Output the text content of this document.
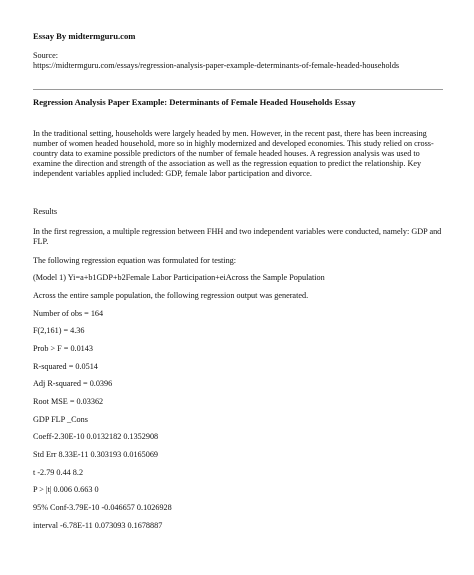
Essay By midtermguru.com

Source:

https://midtermguru.com/essays/regression-analysis-paper-example-determinants-of-female-headed-households

Regression Analysis Paper Example: Determinants of Female Headed Households Essay

In the traditional setting, households were largely headed by men. However, in the recent past, there has been increasing number of women headed household, more so in highly modernized and developed economies. This study relied on cross-country data to examine possible predictors of the number of female headed houses. A regression analysis was used to examine the direction and strength of the association as well as the regression equation to predict the relationship. Key independent variables applied included: GDP, female labor participation and divorce.

Results

In the first regression, a multiple regression between FHH and two independent variables were conducted, namely: GDP and FLP.

The following regression equation was formulated for testing:

(Model 1) Yi=a+b1GDP+b2Female Labor Participation+eiAcross the Sample Population

Across the entire sample population, the following regression output was generated.

Number of obs = 164

F(2,161) = 4.36

Prob > F = 0.0143

R-squared = 0.0514

Adj R-squared = 0.0396

Root MSE = 0.03362

GDP FLP _Cons

Coeff-2.30E-10 0.0132182 0.1352908

Std Err 8.33E-11 0.303193 0.0165069

t -2.79 0.44 8.2

P > |t| 0.006 0.663 0

95% Conf-3.79E-10 -0.046657 0.1026928

interval -6.78E-11 0.073093 0.1678887
